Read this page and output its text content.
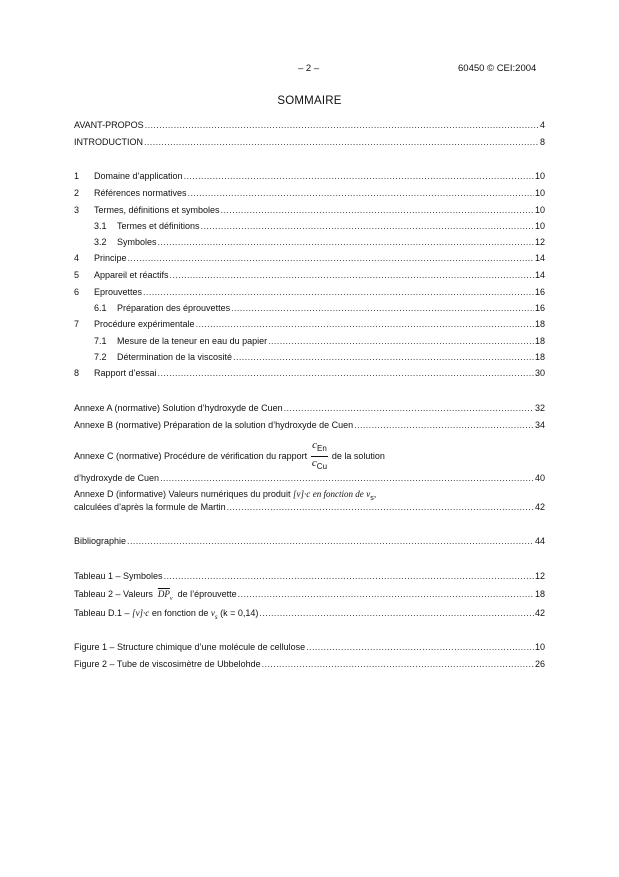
– 2 –	60450 © CEI:2004
SOMMAIRE
AVANT-PROPOS .....	4
INTRODUCTION .....	8
1	Domaine d’application .....	10
2	Références normatives .....	10
3	Termes, définitions et symboles .....	10
3.1	Termes et définitions .....	10
3.2	Symboles .....	12
4	Principe .....	14
5	Appareil et réactifs .....	14
6	Eprouvettes .....	16
6.1	Préparation des éprouvettes .....	16
7	Procédure expérimentale .....	18
7.1	Mesure de la teneur en eau du papier .....	18
7.2	Détermination de la viscosité .....	18
8	Rapport d’essai .....	30
Annexe A (normative) Solution d’hydroxyde de Cuen .....	32
Annexe B (normative) Préparation de la solution d’hydroxyde de Cuen .....	34
Annexe C (normative) Procédure de vérification du rapport $\frac{c_{En}}{c_{Cu}}$ de la solution
d’hydroxyde de Cuen .....	40
Annexe D (informative) Valeurs numériques du produit [ν]·c en fonction de $\nu_s$,
calculées d’après la formule de Martin .....	42
Bibliographie .....	44
Tableau 1 – Symboles .....	12
Tableau 2 – Valeurs $\overline{DP}_v$ de l’éprouvette .....	18
Tableau D.1 – [ν]·c en fonction de $\nu_s$ (k = 0,14) .....	42
Figure 1 – Structure chimique d’une molécule de cellulose .....	10
Figure 2 – Tube de viscosimètre de Ubbelohde .....	26
